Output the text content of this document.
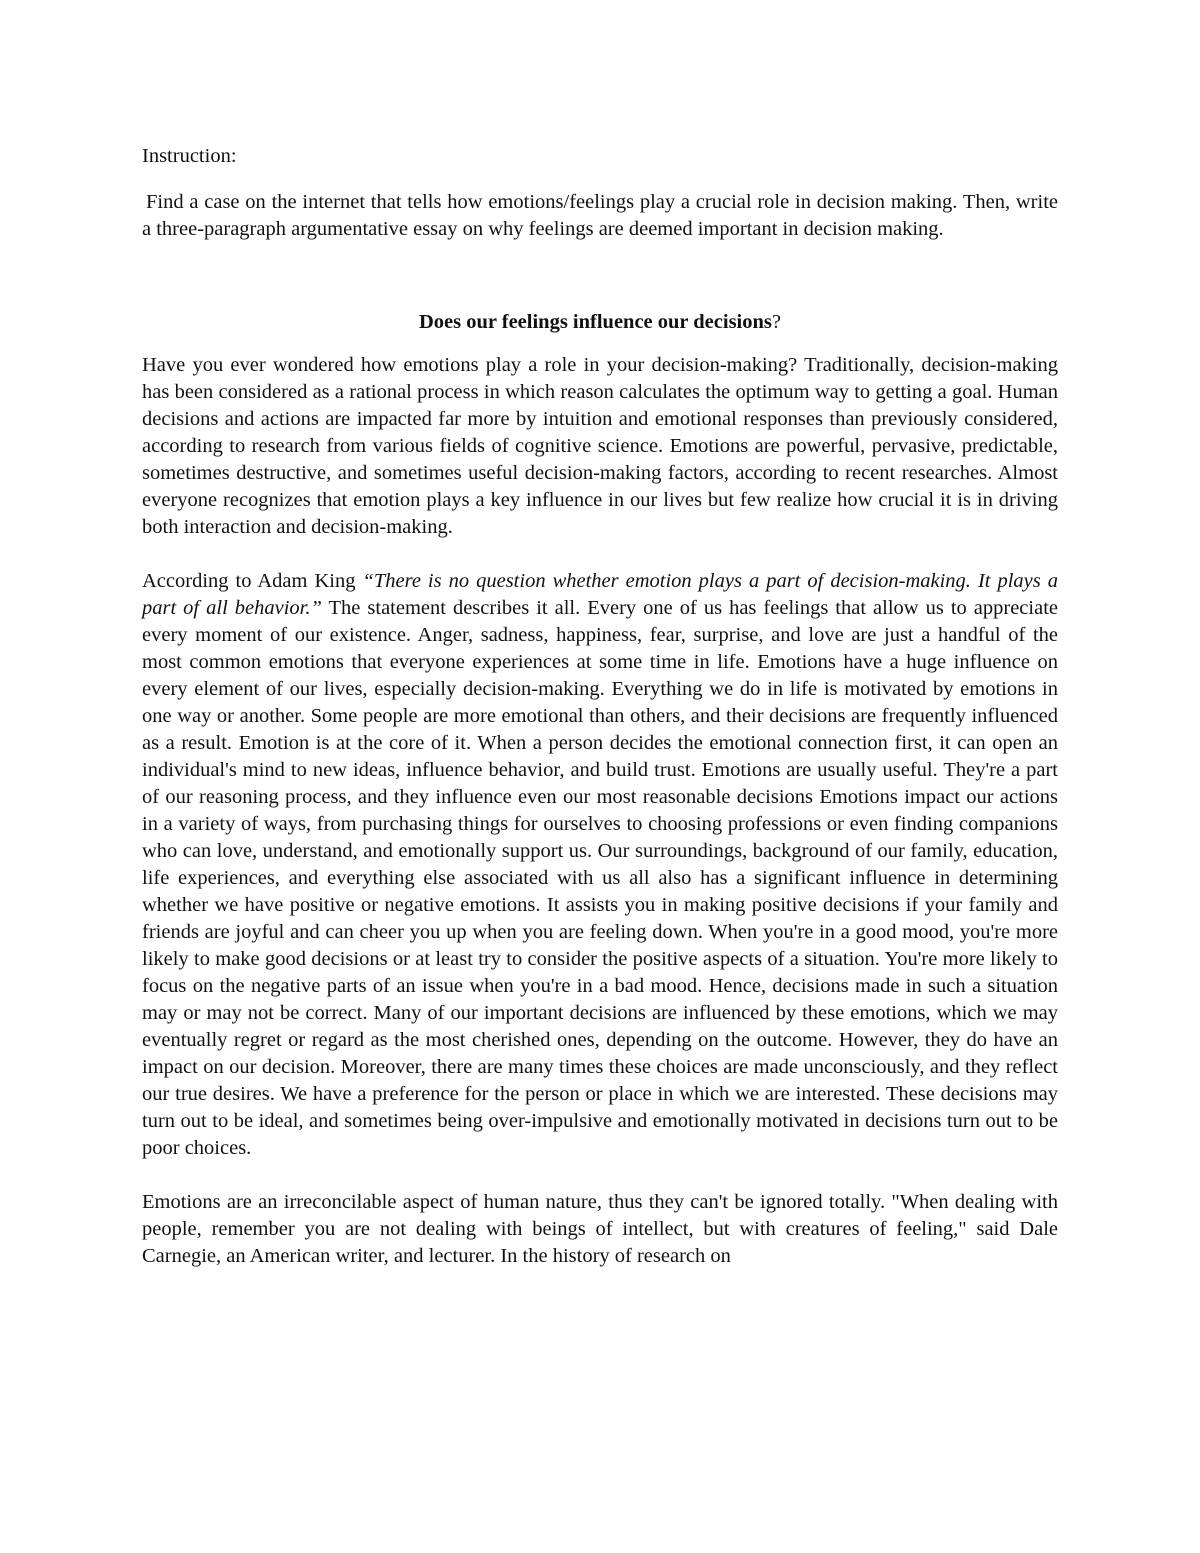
Instruction:

Find a case on the internet that tells how emotions/feelings play a crucial role in decision making. Then, write a three-paragraph argumentative essay on why feelings are deemed important in decision making.

Does our feelings influence our decisions?

Have you ever wondered how emotions play a role in your decision-making? Traditionally, decision-making has been considered as a rational process in which reason calculates the optimum way to getting a goal. Human decisions and actions are impacted far more by intuition and emotional responses than previously considered, according to research from various fields of cognitive science. Emotions are powerful, pervasive, predictable, sometimes destructive, and sometimes useful decision-making factors, according to recent researches. Almost everyone recognizes that emotion plays a key influence in our lives but few realize how crucial it is in driving both interaction and decision-making.

According to Adam King “There is no question whether emotion plays a part of decision-making. It plays a part of all behavior.” The statement describes it all. Every one of us has feelings that allow us to appreciate every moment of our existence. Anger, sadness, happiness, fear, surprise, and love are just a handful of the most common emotions that everyone experiences at some time in life. Emotions have a huge influence on every element of our lives, especially decision-making. Everything we do in life is motivated by emotions in one way or another. Some people are more emotional than others, and their decisions are frequently influenced as a result. Emotion is at the core of it. When a person decides the emotional connection first, it can open an individual's mind to new ideas, influence behavior, and build trust. Emotions are usually useful. They're a part of our reasoning process, and they influence even our most reasonable decisions Emotions impact our actions in a variety of ways, from purchasing things for ourselves to choosing professions or even finding companions who can love, understand, and emotionally support us. Our surroundings, background of our family, education, life experiences, and everything else associated with us all also has a significant influence in determining whether we have positive or negative emotions. It assists you in making positive decisions if your family and friends are joyful and can cheer you up when you are feeling down. When you're in a good mood, you're more likely to make good decisions or at least try to consider the positive aspects of a situation. You're more likely to focus on the negative parts of an issue when you're in a bad mood. Hence, decisions made in such a situation may or may not be correct. Many of our important decisions are influenced by these emotions, which we may eventually regret or regard as the most cherished ones, depending on the outcome. However, they do have an impact on our decision. Moreover, there are many times these choices are made unconsciously, and they reflect our true desires. We have a preference for the person or place in which we are interested. These decisions may turn out to be ideal, and sometimes being over-impulsive and emotionally motivated in decisions turn out to be poor choices.

Emotions are an irreconcilable aspect of human nature, thus they can't be ignored totally. "When dealing with people, remember you are not dealing with beings of intellect, but with creatures of feeling," said Dale Carnegie, an American writer, and lecturer. In the history of research on
